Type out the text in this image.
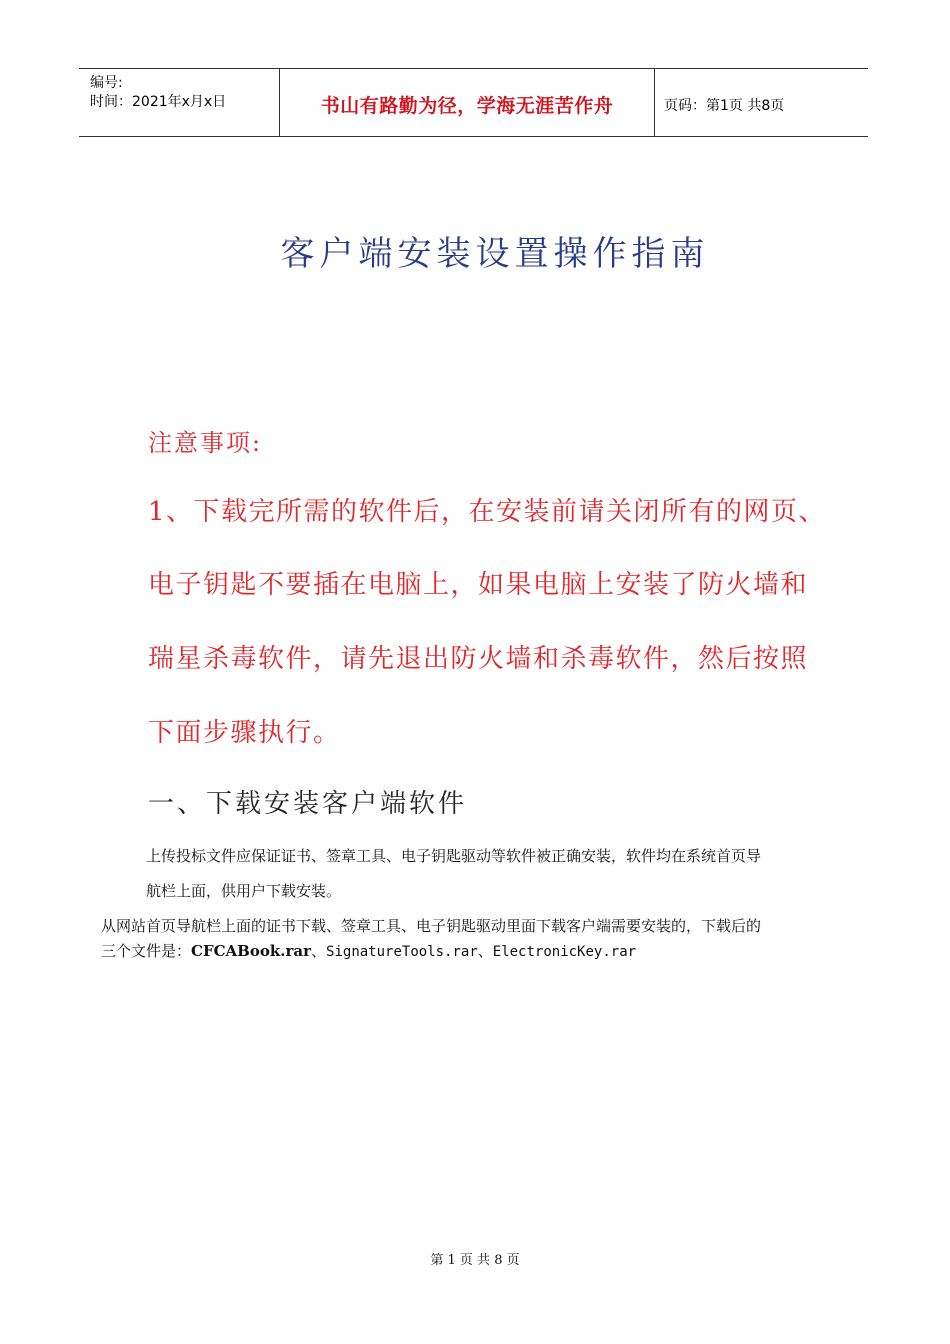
编号:
时间：2021年x月x日	书山有路勤为径，学海无涯苦作舟	页码：第1页 共8页
客户端安装设置操作指南
注意事项:
1、下载完所需的软件后，在安装前请关闭所有的网页、
电子钥匙不要插在电脑上，如果电脑上安装了防火墙和
瑞星杀毒软件，请先退出防火墙和杀毒软件，然后按照
下面步骤执行。
一、下载安装客户端软件
上传投标文件应保证证书、签章工具、电子钥匙驱动等软件被正确安装，软件均在系统首页导
航栏上面，供用户下载安装。
从网站首页导航栏上面的证书下载、签章工具、电子钥匙驱动里面下载客户端需要安装的，下载后的
三个文件是：CFCABook.rar、SignatureTools.rar、ElectronicKey.rar
第 1 页 共 8 页
